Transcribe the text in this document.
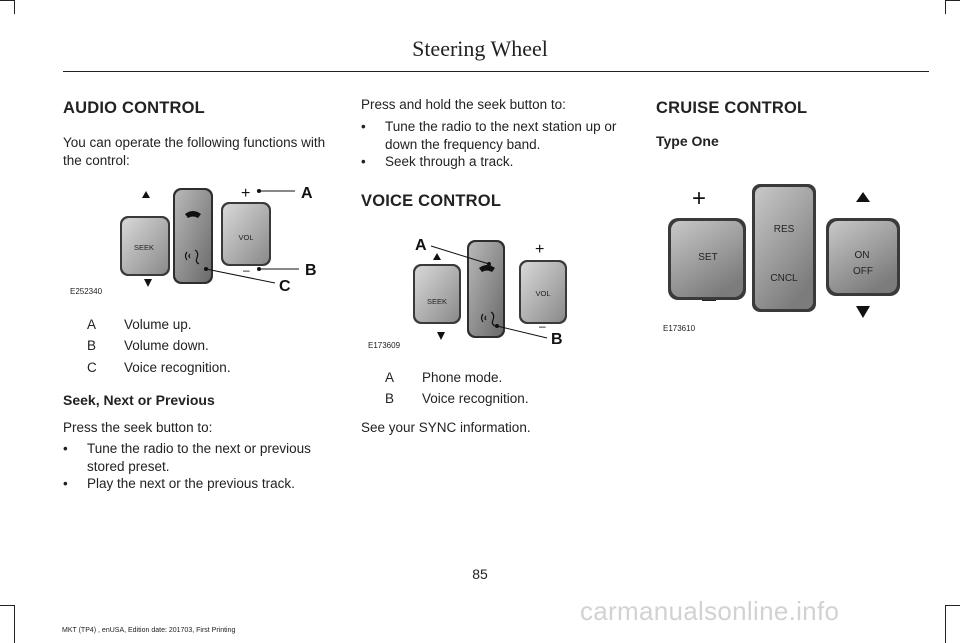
Steering Wheel
AUDIO CONTROL

You can operate the following functions with the control:

SEEK
VOL
+	A
–	B
C
E252340
A Volume up.
B Volume down.
C Voice recognition.
Seek, Next or Previous

Press the seek button to:

• Tune the radio to the next or previous stored preset.
• Play the next or the previous track.

Press and hold the seek button to:

• Tune the radio to the next station up or down the frequency band.
• Seek through a track.
VOICE CONTROL
SEEK
VOL
+
–
A
B
E173609
A Phone mode.
B Voice recognition.

See your SYNC information.

CRUISE CONTROL
Type One
+
SET
—
RES
CNCL
ON
OFF
E173610
85
carmanualsonline.info
MKT (TP4) , enUSA, Edition date: 201703, First Printing
